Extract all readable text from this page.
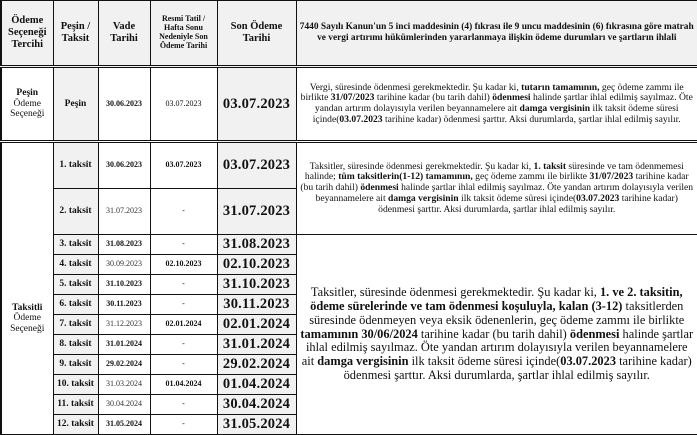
Ödeme Seçeneği Tercihi	Peşin / Taksit	Vade Tarihi	Resmi Tatil / Hafta Sonu Nedeniyle Son Ödeme Tarihi	Son Ödeme Tarihi	7440 Sayılı Kanun'un 5 inci maddesinin (4) fıkrası ile 9 uncu maddesinin (6) fıkrasına göre matrah ve vergi artırımı hükümlerinden yararlanmaya ilişkin ödeme durumları ve şartların ihlali
Peşin
Ödeme Seçeneği	Peşin	30.06.2023	03.07.2023	03.07.2023	Vergi, süresinde ödenmesi gerekmektedir. Şu kadar ki, tutarın tamamının, geç ödeme zammı ile birlikte 31/07/2023 tarihine kadar (bu tarih dahil) ödenmesi halinde şartlar ihlal edilmiş sayılmaz. Öte yandan artırım dolayısıyla verilen beyannamelere ait damga vergisinin ilk taksit ödeme süresi içinde(03.07.2023 tarihine kadar) ödenmesi şarttır. Aksi durumlarda, şartlar ihlal edilmiş sayılır.
Taksitli
Ödeme Seçeneği	1. taksit	30.06.2023	03.07.2023	03.07.2023	Taksitler, süresinde ödenmesi gerekmektedir. Şu kadar ki, 1. taksit süresinde ve tam ödenmemesi halinde; tüm taksitlerin(1-12) tamamının, geç ödeme zammı ile birlikte 31/07/2023 tarihine kadar (bu tarih dahil) ödenmesi halinde şartlar ihlal edilmiş sayılmaz. Öte yandan artırım dolayısıyla verilen beyannamelere ait damga vergisinin ilk taksit ödeme süresi içinde(03.07.2023 tarihine kadar) ödenmesi şarttır. Aksi durumlarda, şartlar ihlal edilmiş sayılır.
	2. taksit	31.07.2023	-	31.07.2023	
	3. taksit	31.08.2023	-	31.08.2023	Taksitler, süresinde ödenmesi gerekmektedir. Şu kadar ki, 1. ve 2. taksitin, ödeme sürelerinde ve tam ödenmesi koşuluyla, kalan (3-12) taksitlerden süresinde ödenmeyen veya eksik ödenenlerin, geç ödeme zammı ile birlikte tamamının 30/06/2024 tarihine kadar (bu tarih dahil) ödenmesi halinde şartlar ihlal edilmiş sayılmaz. Öte yandan artırım dolayısıyla verilen beyannamelere ait damga vergisinin ilk taksit ödeme süresi içinde(03.07.2023 tarihine kadar) ödenmesi şarttır. Aksi durumlarda, şartlar ihlal edilmiş sayılır.
	4. taksit	30.09.2023	02.10.2023	02.10.2023	
	5. taksit	31.10.2023	-	31.10.2023	
	6. taksit	30.11.2023	-	30.11.2023	
	7. taksit	31.12.2023	02.01.2024	02.01.2024	
	8. taksit	31.01.2024	-	31.01.2024	
	9. taksit	29.02.2024	-	29.02.2024	
	10. taksit	31.03.2024	01.04.2024	01.04.2024	
	11. taksit	30.04.2024	-	30.04.2024	
	12. taksit	31.05.2024	-	31.05.2024	
